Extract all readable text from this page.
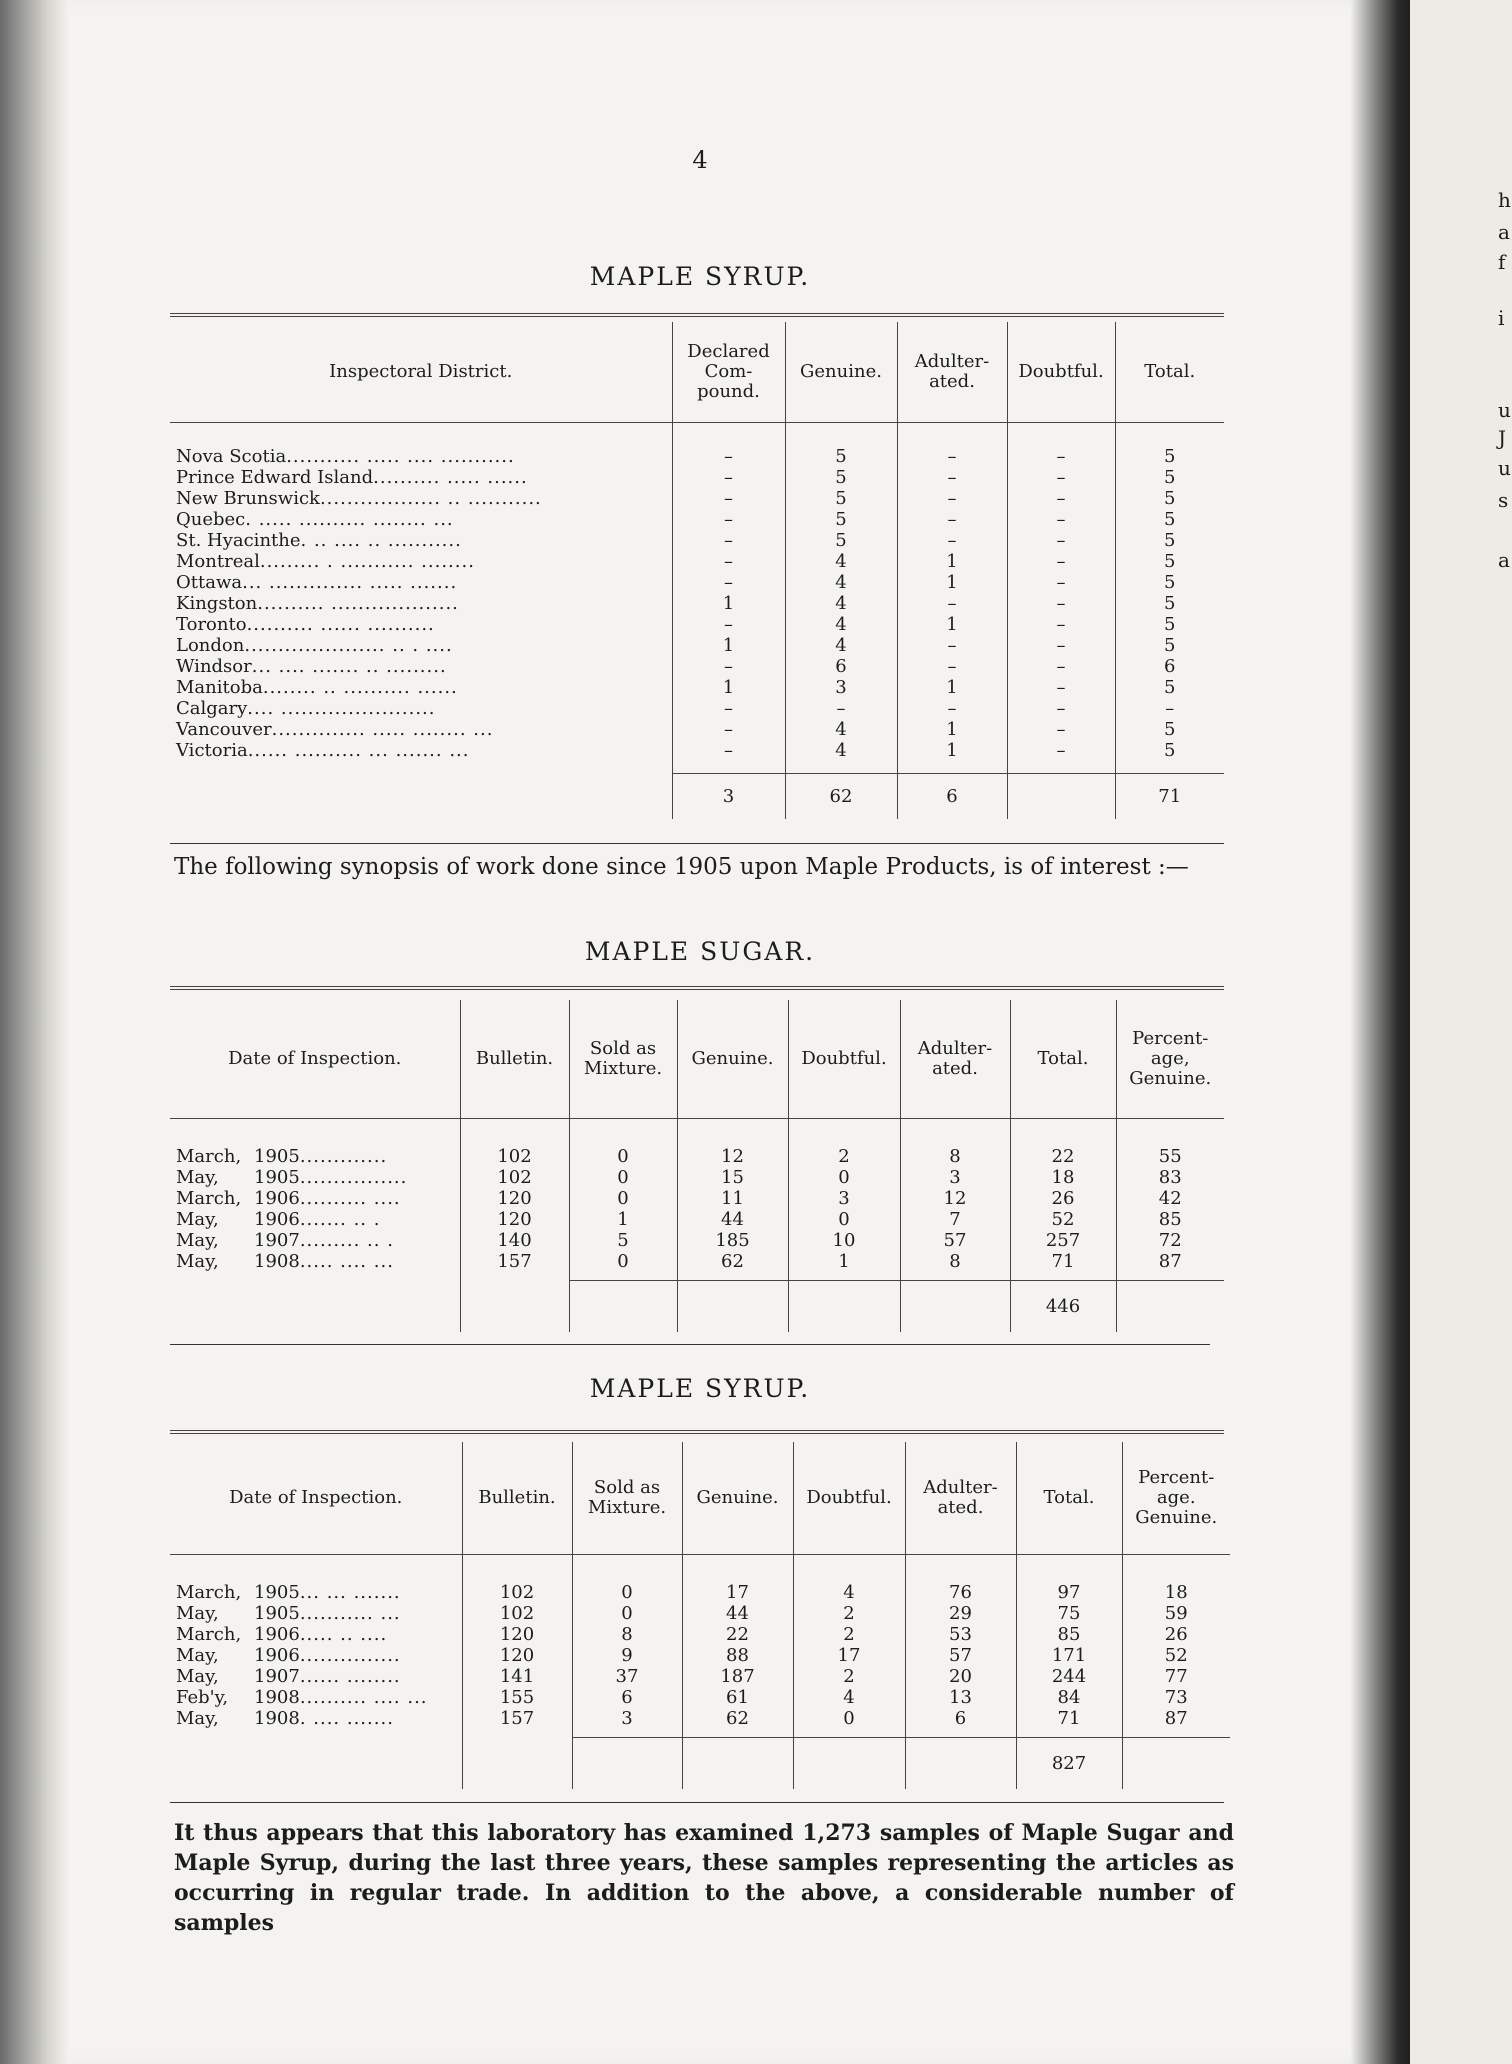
4
MAPLE SYRUP.
Inspectoral District.	Declared Com- pound.	Genuine.	Adulter- ated.	Doubtful.	Total.

Nova Scotia........... ..... .... ...........	–	5	–	–	5
Prince Edward Island.......... ..... ......	–	5	–	–	5
New Brunswick.................. .. ...........	–	5	–	–	5
Quebec. ..... .......... ........ ...	–	5	–	–	5
St. Hyacinthe. .. .... .. ...........	–	5	–	–	5
Montreal......... . ........... ........	–	4	1	–	5
Ottawa... .............. ..... .......	–	4	1	–	5
Kingston.......... ...................	1	4	–	–	5
Toronto.......... ...... ..........	–	4	1	–	5
London..................... .. . ....	1	4	–	–	5
Windsor... .... ....... .. .........	–	6	–	–	6
Manitoba........ .. .......... ......	1	3	1	–	5
Calgary.... .......................	–	–	–	–	–
Vancouver.............. ..... ........ ...	–	4	1	–	5
Victoria...... .......... ... ....... ...	–	4	1	–	5

	3	62	6		71
The following synopsis of work done since 1905 upon Maple Products, is of interest :—
MAPLE SUGAR.
Date of Inspection.	Bulletin.	Sold as Mixture.	Genuine.	Doubtful.	Adulter- ated.	Total.	Percent- age, Genuine.

March, 1905.............	102	0	12	2	8	22	55
May, 1905................	102	0	15	0	3	18	83
March, 1906.......... ....	120	0	11	3	12	26	42
May, 1906....... .. .	120	1	44	0	7	52	85
May, 1907......... .. .	140	5	185	10	57	257	72
May, 1908..... .... ...	157	0	62	1	8	71	87

						446	
MAPLE SYRUP.
Date of Inspection.	Bulletin.	Sold as Mixture.	Genuine.	Doubtful.	Adulter- ated.	Total.	Percent- age. Genuine.

March, 1905... ... .......	102	0	17	4	76	97	18
May, 1905........... ...	102	0	44	2	29	75	59
March, 1906..... .. ....	120	8	22	2	53	85	26
May, 1906...............	120	9	88	17	57	171	52
May, 1907...... ........	141	37	187	2	20	244	77
Feb'y, 1908.......... .... ...	155	6	61	4	13	84	73
May, 1908. .... .......	157	3	62	0	6	71	87

						827	
It thus appears that this laboratory has examined 1,273 samples of Maple Sugar and Maple Syrup, during the last three years, these samples representing the articles as occurring in regular trade. In addition to the above, a considerable number of samples
h
a
f
i
u
J
u
s
a
